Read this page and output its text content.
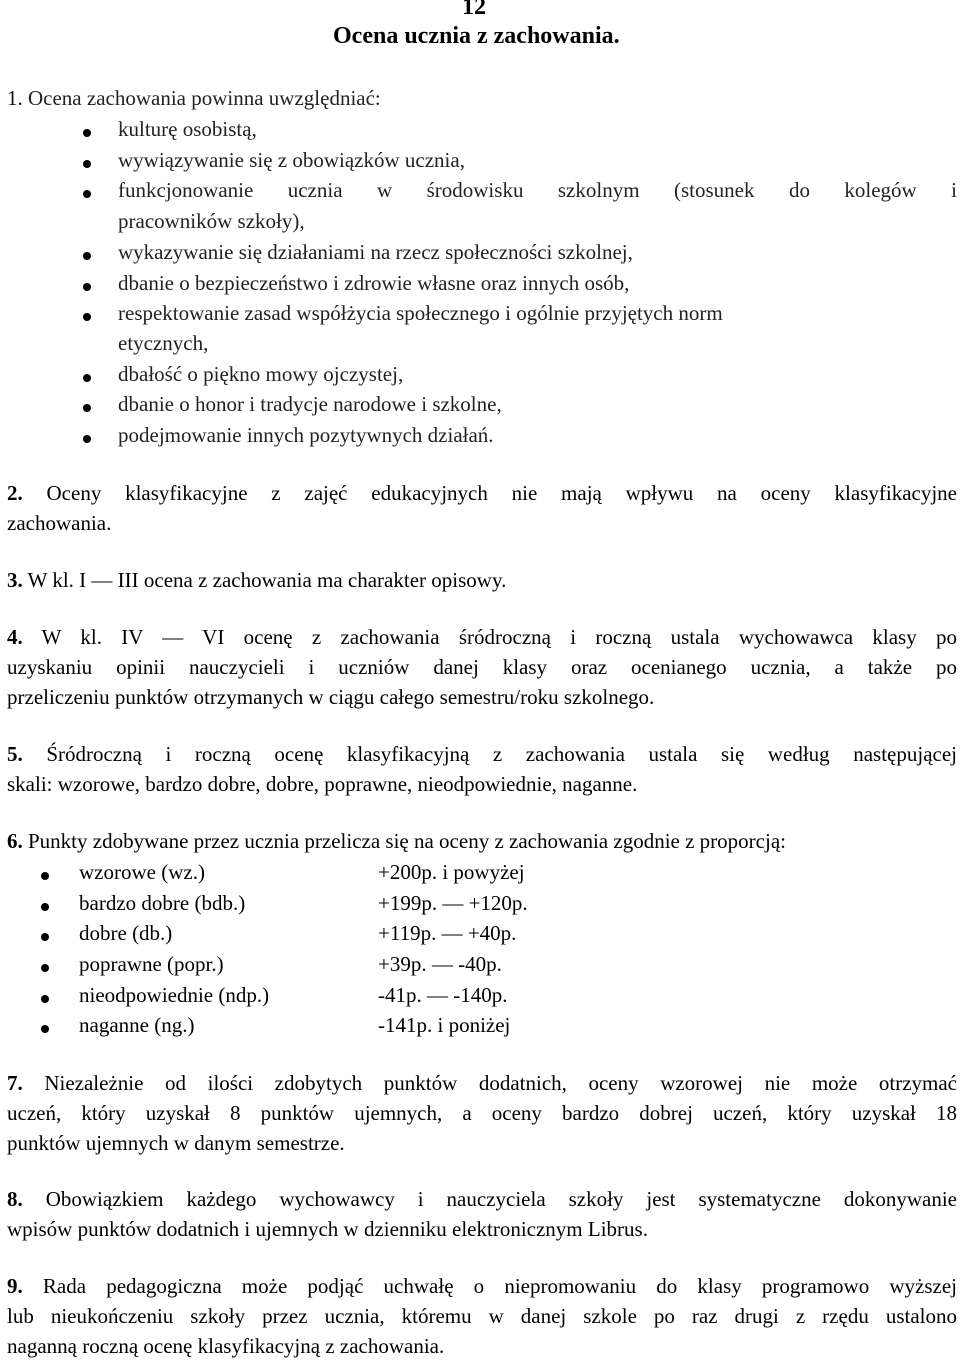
12
Ocena ucznia z zachowania.
1. Ocena zachowania powinna uwzględniać:
kulturę osobistą,
wywiązywanie się z obowiązków ucznia,
funkcjonowanie ucznia w środowisku szkolnym (stosunek do kolegów i
pracowników szkoły),
wykazywanie się działaniami na rzecz społeczności szkolnej,
dbanie o bezpieczeństwo i zdrowie własne oraz innych osób,
respektowanie zasad współżycia społecznego i ogólnie przyjętych norm
etycznych,
dbałość o piękno mowy ojczystej,
dbanie o honor i tradycje narodowe i szkolne,
podejmowanie innych pozytywnych działań.
2. Oceny klasyfikacyjne z zajęć edukacyjnych nie mają wpływu na oceny klasyfikacyjne
zachowania.
3. W kl. I — III ocena z zachowania ma charakter opisowy.
4. W kl. IV — VI ocenę z zachowania śródroczną i roczną ustala wychowawca klasy po
uzyskaniu opinii nauczycieli i uczniów danej klasy oraz ocenianego ucznia, a także po
przeliczeniu punktów otrzymanych w ciągu całego semestru/roku szkolnego.
5. Śródroczną i roczną ocenę klasyfikacyjną z zachowania ustala się według następującej
skali: wzorowe, bardzo dobre, dobre, poprawne, nieodpowiednie, naganne.
6. Punkty zdobywane przez ucznia przelicza się na oceny z zachowania zgodnie z proporcją:
wzorowe (wz.)	+200p. i powyżej
bardzo dobre (bdb.)	+199p. — +120p.
dobre (db.)	+119p. — +40p.
poprawne (popr.)	+39p. — -40p.
nieodpowiednie (ndp.)	-41p. — -140p.
naganne (ng.)	-141p. i poniżej
7. Niezależnie od ilości zdobytych punktów dodatnich, oceny wzorowej nie może otrzymać
uczeń, który uzyskał 8 punktów ujemnych, a oceny bardzo dobrej uczeń, który uzyskał 18
punktów ujemnych w danym semestrze.
8. Obowiązkiem każdego wychowawcy i nauczyciela szkoły jest systematyczne dokonywanie
wpisów punktów dodatnich i ujemnych w dzienniku elektronicznym Librus.
9. Rada pedagogiczna może podjąć uchwałę o niepromowaniu do klasy programowo wyższej
lub nieukończeniu szkoły przez ucznia, któremu w danej szkole po raz drugi z rzędu ustalono
naganną roczną ocenę klasyfikacyjną z zachowania.
